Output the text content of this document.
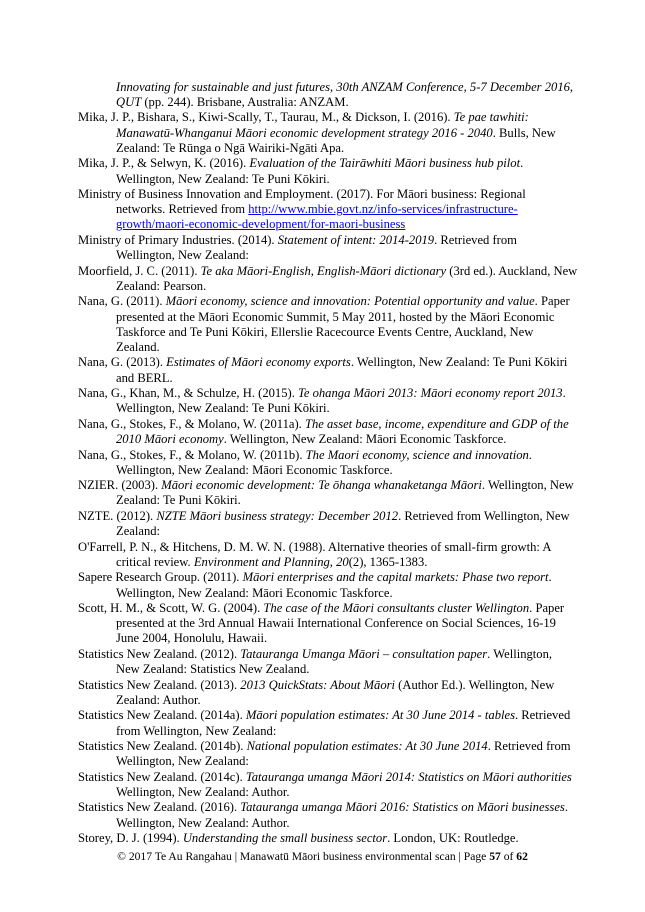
Innovating for sustainable and just futures, 30th ANZAM Conference, 5-7 December 2016, QUT (pp. 244). Brisbane, Australia: ANZAM.
Mika, J. P., Bishara, S., Kiwi-Scally, T., Taurau, M., & Dickson, I. (2016). Te pae tawhiti: Manawatū-Whanganui Māori economic development strategy 2016 - 2040. Bulls, New Zealand: Te Rūnga o Ngā Wairiki-Ngāti Apa.
Mika, J. P., & Selwyn, K. (2016). Evaluation of the Tairāwhiti Māori business hub pilot. Wellington, New Zealand: Te Puni Kōkiri.
Ministry of Business Innovation and Employment. (2017). For Māori business: Regional networks. Retrieved from http://www.mbie.govt.nz/info-services/infrastructure-growth/maori-economic-development/for-maori-business
Ministry of Primary Industries. (2014). Statement of intent: 2014-2019. Retrieved from Wellington, New Zealand:
Moorfield, J. C. (2011). Te aka Māori-English, English-Māori dictionary (3rd ed.). Auckland, New Zealand: Pearson.
Nana, G. (2011). Māori economy, science and innovation: Potential opportunity and value. Paper presented at the Māori Economic Summit, 5 May 2011, hosted by the Māori Economic Taskforce and Te Puni Kōkiri, Ellerslie Racecource Events Centre, Auckland, New Zealand.
Nana, G. (2013). Estimates of Māori economy exports. Wellington, New Zealand: Te Puni Kōkiri and BERL.
Nana, G., Khan, M., & Schulze, H. (2015). Te ohanga Māori 2013: Māori economy report 2013. Wellington, New Zealand: Te Puni Kōkiri.
Nana, G., Stokes, F., & Molano, W. (2011a). The asset base, income, expenditure and GDP of the 2010 Māori economy. Wellington, New Zealand: Māori Economic Taskforce.
Nana, G., Stokes, F., & Molano, W. (2011b). The Maori economy, science and innovation. Wellington, New Zealand: Māori Economic Taskforce.
NZIER. (2003). Māori economic development: Te ōhanga whanaketanga Māori. Wellington, New Zealand: Te Puni Kōkiri.
NZTE. (2012). NZTE Māori business strategy: December 2012. Retrieved from Wellington, New Zealand:
O'Farrell, P. N., & Hitchens, D. M. W. N. (1988). Alternative theories of small-firm growth: A critical review. Environment and Planning, 20(2), 1365-1383.
Sapere Research Group. (2011). Māori enterprises and the capital markets: Phase two report. Wellington, New Zealand: Māori Economic Taskforce.
Scott, H. M., & Scott, W. G. (2004). The case of the Māori consultants cluster Wellington. Paper presented at the 3rd Annual Hawaii International Conference on Social Sciences, 16-19 June 2004, Honolulu, Hawaii.
Statistics New Zealand. (2012). Tatauranga Umanga Māori – consultation paper. Wellington, New Zealand: Statistics New Zealand.
Statistics New Zealand. (2013). 2013 QuickStats: About Māori (Author Ed.). Wellington, New Zealand: Author.
Statistics New Zealand. (2014a). Māori population estimates: At 30 June 2014 - tables. Retrieved from Wellington, New Zealand:
Statistics New Zealand. (2014b). National population estimates: At 30 June 2014. Retrieved from Wellington, New Zealand:
Statistics New Zealand. (2014c). Tatauranga umanga Māori 2014: Statistics on Māori authorities Wellington, New Zealand: Author.
Statistics New Zealand. (2016). Tatauranga umanga Māori 2016: Statistics on Māori businesses. Wellington, New Zealand: Author.
Storey, D. J. (1994). Understanding the small business sector. London, UK: Routledge.
© 2017 Te Au Rangahau | Manawatū Māori business environmental scan | Page 57 of 62
